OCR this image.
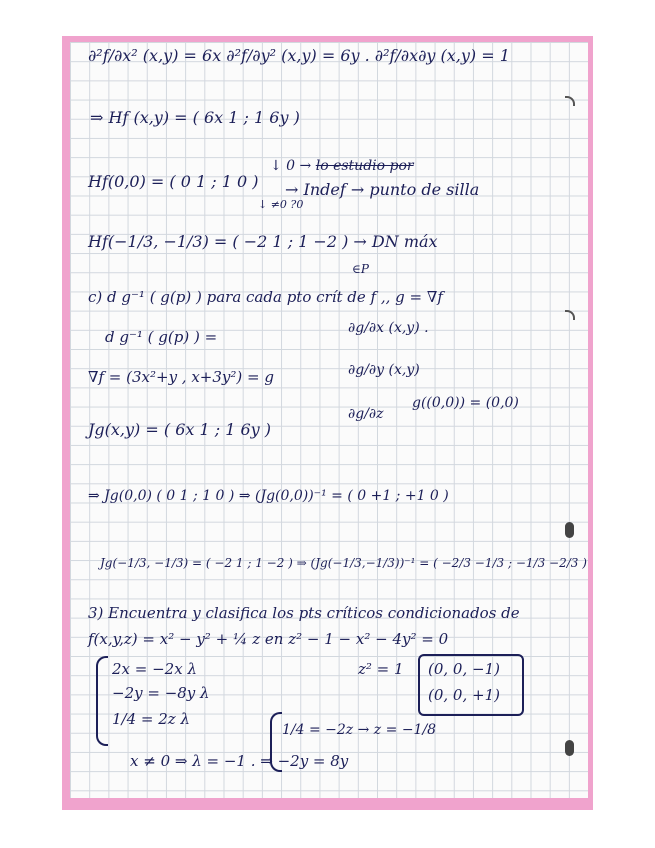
∂²f/∂x² (x,y) = 6x ∂²f/∂y² (x,y) = 6y . ∂²f/∂x∂y (x,y) = 1
⇒ Hf (x,y) = ( 6x 1 ; 1 6y )
Hf(0,0) = ( 0 1 ; 1 0 )
↓ 0 → lo estudio por
→ Indef → punto de silla
↓ ≠0 ?0
Hf(−1/3, −1/3) = ( −2 1 ; 1 −2 ) → DN máx
∈P
c) d g⁻¹ ( g(p) ) para cada pto crít de f ,, g = ∇f
d g⁻¹ ( g(p) ) =	∂g/∂x (x,y) .
∇f = (3x²+y , x+3y²) = g	∂g/∂y (x,y)
g((0,0)) = (0,0)
Jg(x,y) = ( 6x 1 ; 1 6y )
∂g/∂z
⇒ Jg(0,0) ( 0 1 ; 1 0 ) ⇒ (Jg(0,0))⁻¹ = ( 0 +1 ; +1 0 )
Jg(−1/3, −1/3) = ( −2 1 ; 1 −2 ) ⇒ (Jg(−1/3,−1/3))⁻¹ = ( −2/3 −1/3 ; −1/3 −2/3 )
3) Encuentra y clasifica los pts críticos condicionados de
f(x,y,z) = x² − y² + ¼ z en z² − 1 − x² − 4y² = 0
2x = −2x λ	z² = 1 (0, 0, −1)
−2y = −8y λ	(0, 0, +1)
1/4 = 2z λ
1/4 = −2z → z = −1/8
x ≠ 0 ⇒ λ = −1 . ⇒ −2y = 8y
